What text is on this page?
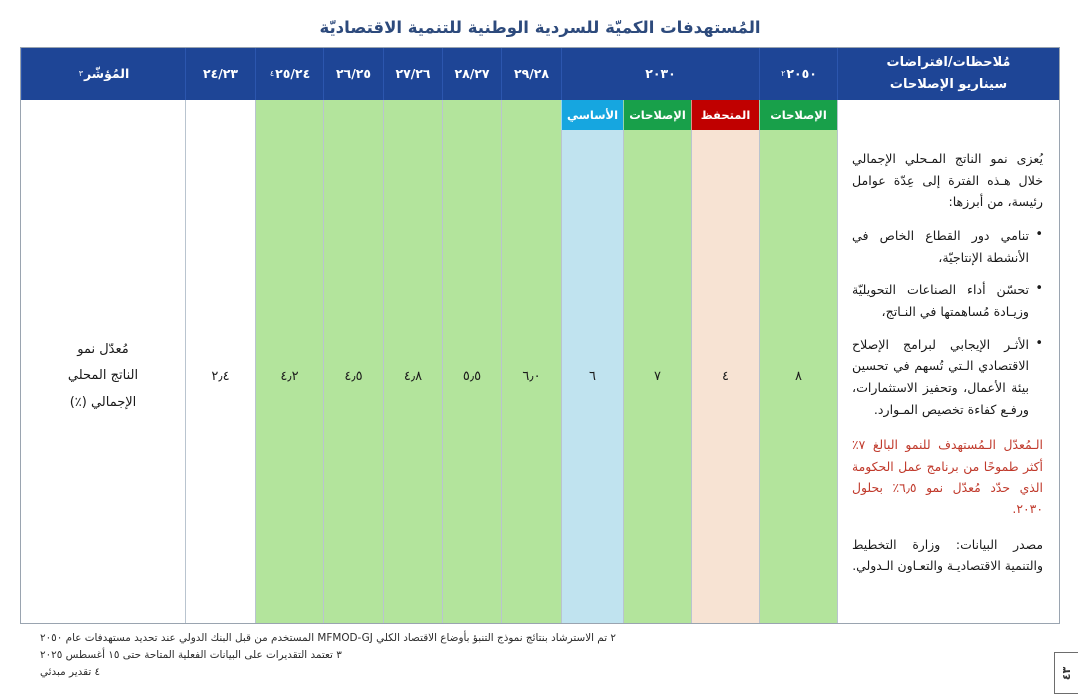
المُستهدفات الكميّة للسردية الوطنية للتنمية الاقتصاديّة
مُلاحظات/افتراضات
سيناريو الإصلاحات
٢٠٥٠
٢
٢٠٣٠
٢٩/٢٨
٢٨/٢٧
٢٧/٢٦
٢٦/٢٥
٢٥/٢٤
٤
٢٤/٢٣
المُؤشّر
٣
الإصلاحات
المتحفظ
الإصلاحات
الأساسي

يُعزى نمو الناتج المـحلي الإجمالي خلال هـذه الفترة إلى عِدّة عوامل رئيسة، من أبرزها:

• تنامي دور القطاع الخاص في الأنشطة الإنتاجيّة،
• تحسّن أداء الصناعات التحويليّة وزيـادة مُساهمتها في النـاتج،
• الأثـر الإيجابي لبرامج الإصلاح الاقتصادي الـتي تُسهم في تحسين بيئة الأعمال، وتحفيز الاستثمارات، ورفـع كفاءة تخصيص المـوارد.

الـمُعدّل الـمُستهدف للنمو البالغ ٧٪ أكثر طموحًا من برنامج عمل الحكومة الذي حدّد مُعدّل نمو ٦٫٥٪ بحلول ٢٠٣٠.

مصدر البيانات: وزارة التخطيط والتنمية الاقتصاديـة والتعـاون الـدولي.

٨
٤
٧
٦
٦٫٠
٥٫٥
٤٫٨
٤٫٥
٤٫٢
٢٫٤
مُعدّل نمو
الناتج المحلي
الإجمالي (٪)
٢ تم الاسترشاد بنتائج نموذج التنبؤ بأوضاع الاقتصاد الكلي MFMOD-GJ المستخدم من قبل البنك الدولي عند تحديد مستهدفات عام ٢٠٥٠
٣ تعتمد التقديرات على البيانات الفعلية المتاحة حتى ١٥ أغسطس ٢٠٢٥
٤ تقدير مبدئي	٤٣
